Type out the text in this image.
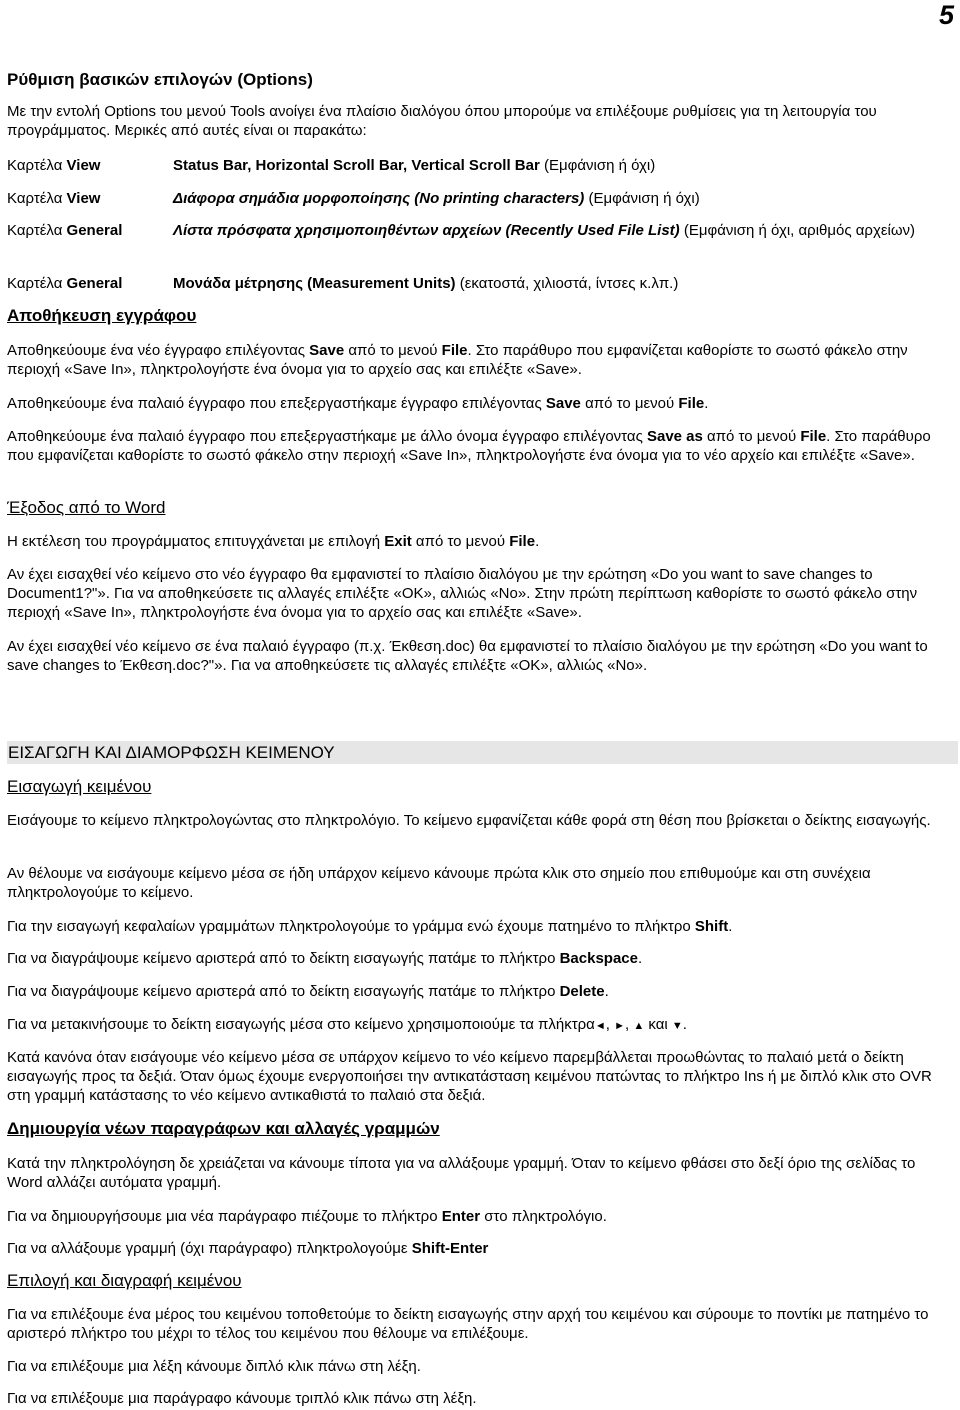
5
Ρύθμιση βασικών επιλογών (Options)

Με την εντολή Options του μενού Tools ανοίγει ένα πλαίσιο διαλόγου όπου μπορούμε να επιλέξουμε ρυθμίσεις για τη λειτουργία του προγράμματος. Μερικές από αυτές είναι οι παρακάτω:

Καρτέλα View	Status Bar, Horizontal Scroll Bar, Vertical Scroll Bar (Εμφάνιση ή όχι)
Καρτέλα View	Διάφορα σημάδια μορφοποίησης (No printing characters) (Εμφάνιση ή όχι)
Καρτέλα General	Λίστα πρόσφατα χρησιμοποιηθέντων αρχείων (Recently Used File List) (Εμφάνιση ή όχι, αριθμός αρχείων)
Καρτέλα General	Μονάδα μέτρησης (Measurement Units) (εκατοστά, χιλιοστά, ίντσες κ.λπ.)
Αποθήκευση εγγράφου

Αποθηκεύουμε ένα νέο έγγραφο επιλέγοντας Save από το μενού File. Στο παράθυρο που εμφανίζεται καθορίστε το σωστό φάκελο στην περιοχή «Save In», πληκτρολογήστε ένα όνομα για το αρχείο σας και επιλέξτε «Save».

Αποθηκεύουμε ένα παλαιό έγγραφο που επεξεργαστήκαμε έγγραφο επιλέγοντας Save από το μενού File.

Αποθηκεύουμε ένα παλαιό έγγραφο που επεξεργαστήκαμε με άλλο όνομα έγγραφο επιλέγοντας Save as από το μενού File. Στο παράθυρο που εμφανίζεται καθορίστε το σωστό φάκελο στην περιοχή «Save In», πληκτρολογήστε ένα όνομα για το νέο αρχείο και επιλέξτε «Save».

Έξοδος από το Word

Η εκτέλεση του προγράμματος επιτυγχάνεται με επιλογή Exit από το μενού File.

Αν έχει εισαχθεί νέο κείμενο στο νέο έγγραφο θα εμφανιστεί το πλαίσιο διαλόγου με την ερώτηση «Do you want to save changes to Document1?"». Για να αποθηκεύσετε τις αλλαγές επιλέξτε «ΟΚ», αλλιώς «Νο». Στην πρώτη περίπτωση καθορίστε το σωστό φάκελο στην περιοχή «Save In», πληκτρολογήστε ένα όνομα για το αρχείο σας και επιλέξτε «Save».

Αν έχει εισαχθεί νέο κείμενο σε ένα παλαιό έγγραφο (π.χ. Έκθεση.doc) θα εμφανιστεί το πλαίσιο διαλόγου με την ερώτηση «Do you want to save changes to Έκθεση.doc?"». Για να αποθηκεύσετε τις αλλαγές επιλέξτε «ΟΚ», αλλιώς «Νο».

ΕΙΣΑΓΩΓΗ ΚΑΙ ΔΙΑΜΟΡΦΩΣΗ ΚΕΙΜΕΝΟΥ
Εισαγωγή κειμένου

Εισάγουμε το κείμενο πληκτρολογώντας στο πληκτρολόγιο. Το κείμενο εμφανίζεται κάθε φορά στη θέση που βρίσκεται ο δείκτης εισαγωγής.

Αν θέλουμε να εισάγουμε κείμενο μέσα σε ήδη υπάρχον κείμενο κάνουμε πρώτα κλικ στο σημείο που επιθυμούμε και στη συνέχεια πληκτρολογούμε το κείμενο.

Για την εισαγωγή κεφαλαίων γραμμάτων πληκτρολογούμε το γράμμα ενώ έχουμε πατημένο το πλήκτρο Shift.

Για να διαγράψουμε κείμενο αριστερά από το δείκτη εισαγωγής πατάμε το πλήκτρο Backspace.

Για να διαγράψουμε κείμενο αριστερά από το δείκτη εισαγωγής πατάμε το πλήκτρο Delete.

Για να μετακινήσουμε το δείκτη εισαγωγής μέσα στο κείμενο χρησιμοποιούμε τα πλήκτρα◄, ►, ▲ και ▼.

Κατά κανόνα όταν εισάγουμε νέο κείμενο μέσα σε υπάρχον κείμενο το νέο κείμενο παρεμβάλλεται προωθώντας το παλαιό μετά ο δείκτη εισαγωγής προς τα δεξιά. Όταν όμως έχουμε ενεργοποιήσει την αντικατάσταση κειμένου πατώντας το πλήκτρο Ins ή με διπλό κλικ στο OVR στη γραμμή κατάστασης το νέο κείμενο αντικαθιστά το παλαιό στα δεξιά.

Δημιουργία νέων παραγράφων και αλλαγές γραμμών

Κατά την πληκτρολόγηση δε χρειάζεται να κάνουμε τίποτα για να αλλάξουμε γραμμή. Όταν το κείμενο φθάσει στο δεξί όριο της σελίδας το Word αλλάζει αυτόματα γραμμή.

Για να δημιουργήσουμε μια νέα παράγραφο πιέζουμε το πλήκτρο Enter στο πληκτρολόγιο.

Για να αλλάξουμε γραμμή (όχι παράγραφο) πληκτρολογούμε Shift-Enter

Επιλογή και διαγραφή κειμένου

Για να επιλέξουμε ένα μέρος του κειμένου τοποθετούμε το δείκτη εισαγωγής στην αρχή του κειμένου και σύρουμε το ποντίκι με πατημένο το αριστερό πλήκτρο του μέχρι το τέλος του κειμένου που θέλουμε να επιλέξουμε.

Για να επιλέξουμε μια λέξη κάνουμε διπλό κλικ πάνω στη λέξη.

Για να επιλέξουμε μια παράγραφο κάνουμε τριπλό κλικ πάνω στη λέξη.
